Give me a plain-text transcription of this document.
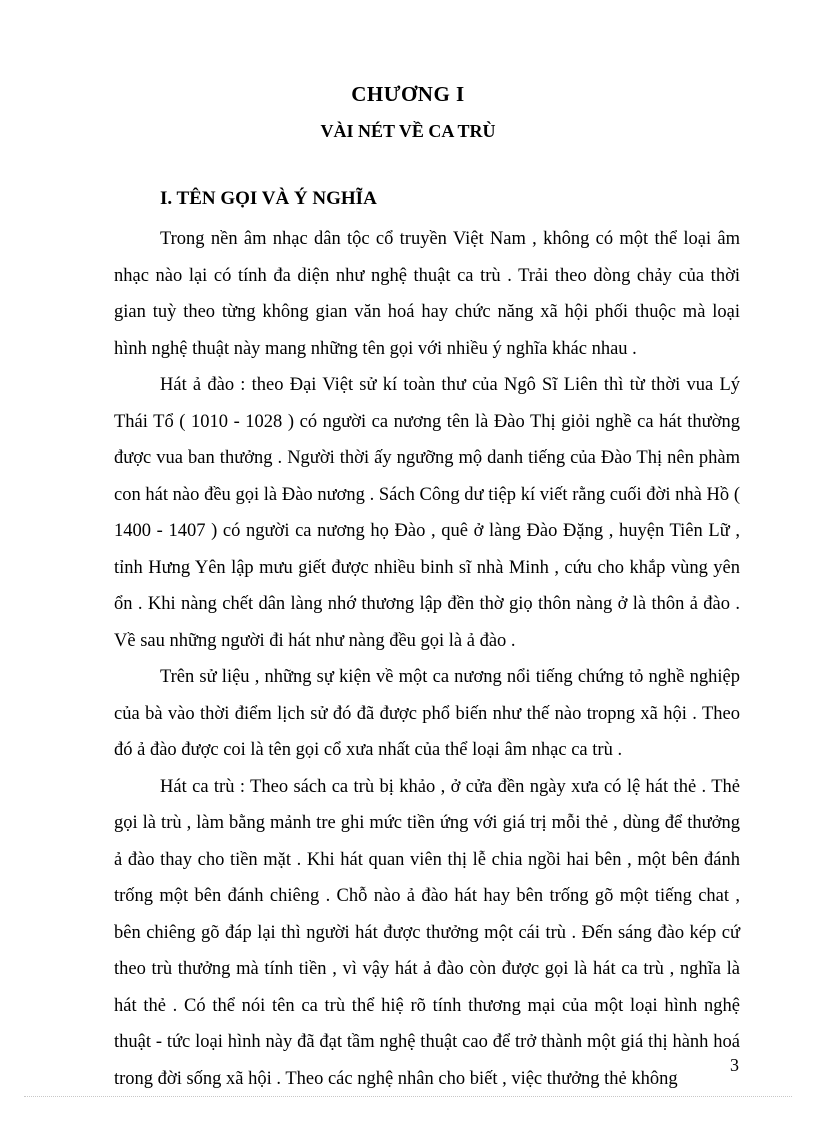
CHƯƠNG I
VÀI NÉT VỀ CA TRÙ
I. TÊN GỌI VÀ Ý NGHĨA

Trong nền âm nhạc dân tộc cổ truyền Việt Nam , không có một thể loại âm nhạc nào lại có tính đa diện như nghệ thuật ca trù . Trải theo dòng chảy của thời gian tuỳ theo từng không gian văn hoá hay chức năng xã hội phối thuộc mà loại hình nghệ thuật này mang những tên gọi với nhiều ý nghĩa khác nhau .

Hát ả đào : theo Đại Việt sử kí toàn thư của Ngô Sĩ Liên thì từ thời vua Lý Thái Tổ ( 1010 - 1028 ) có người ca nương tên là Đào Thị giỏi nghề ca hát thường được vua ban thưởng . Người thời ấy ngưỡng mộ danh tiếng của Đào Thị nên phàm con hát nào đều gọi là Đào nương . Sách Công dư tiệp kí viết rằng cuối đời nhà Hồ ( 1400 - 1407 ) có người ca nương họ Đào , quê ở làng Đào Đặng , huyện Tiên Lữ , tỉnh Hưng Yên lập mưu giết được nhiều binh sĩ nhà Minh , cứu cho khắp vùng yên ổn . Khi nàng chết dân làng nhớ thương lập đền thờ giọ thôn nàng ở là thôn ả đào . Về sau những người đi hát như nàng đều gọi là ả đào .

Trên sử liệu , những sự kiện về một ca nương nổi tiếng chứng tỏ nghề nghiệp của bà vào thời điểm lịch sử đó đã được phổ biến như thế nào tropng xã hội . Theo đó ả đào được coi là tên gọi cổ xưa nhất của thể loại âm nhạc ca trù .

Hát ca trù : Theo sách ca trù bị khảo , ở cửa đền ngày xưa có lệ hát thẻ . Thẻ gọi là trù , làm bằng mảnh tre ghi mức tiền ứng với giá trị mỗi thẻ , dùng để thưởng ả đào thay cho tiền mặt . Khi hát quan viên thị lễ chia ngồi hai bên , một bên đánh trống một bên đánh chiêng . Chỗ nào ả đào hát hay bên trống gõ một tiếng chat , bên chiêng gõ đáp lại thì người hát được thưởng một cái trù . Đến sáng đào kép cứ theo trù thưởng mà tính tiền , vì vậy hát ả đào còn được gọi là hát ca trù , nghĩa là hát thẻ . Có thể nói tên ca trù thể hiệ rõ tính thương mại của một loại hình nghệ thuật - tức loại hình này đã đạt tầm nghệ thuật cao để trở thành một giá thị hành hoá trong đời sống xã hội . Theo các nghệ nhân cho biết , việc thưởng thẻ không

3
